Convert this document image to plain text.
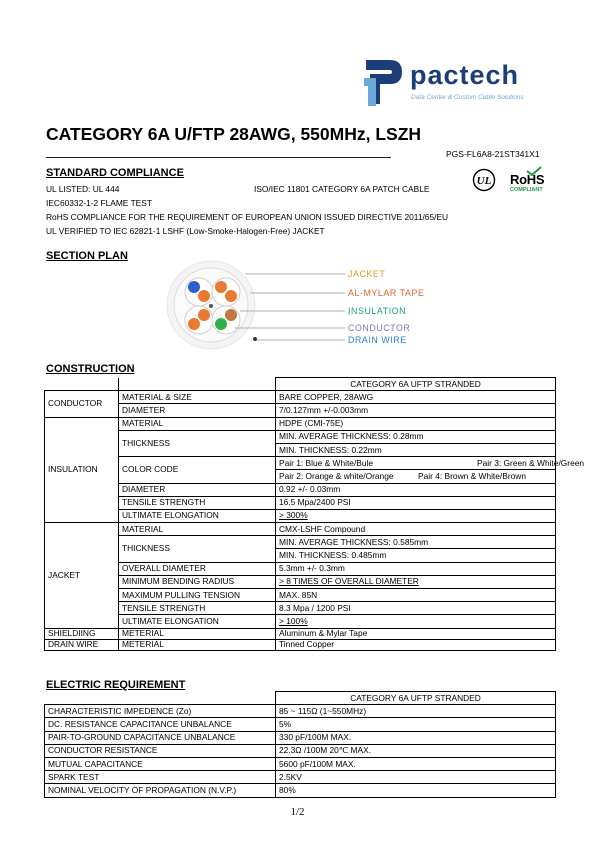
pactech
Data Center & Custom Cable Solutions
CATEGORY 6A U/FTP 28AWG, 550MHz, LSZH
PGS-FL6A8-21ST341X1
STANDARD COMPLIANCE
UL LISTED: UL 444	ISO/IEC 11801 CATEGORY 6A PATCH CABLE
IEC60332-1-2 FLAME TEST
RoHS COMPLIANCE FOR THE REQUIREMENT OF EUROPEAN UNION ISSUED DIRECTIVE 2011/65/EU
UL VERIFIED TO IEC 62821-1 LSHF (Low-Smoke-Halogen-Free) JACKET
UL RoHS
COMPLIANT
SECTION PLAN
JACKET
AL-MYLAR TAPE
INSULATION
CONDUCTOR
DRAIN WIRE
CONSTRUCTION
		CATEGORY 6A UFTP STRANDED
CONDUCTOR	MATERIAL & SIZE	BARE COPPER, 28AWG
	DIAMETER	7/0.127mm +/-0.003mm
INSULATION	MATERIAL	HDPE (CMI-75E)
	THICKNESS	MIN. AVERAGE THICKNESS: 0.28mm
		MIN. THICKNESS: 0.22mm
	COLOR CODE	Pair 1: Blue & White/Bule Pair 3: Green & White/Green

		Pair 2: Orange & white/Orange Pair 4: Brown & White/Brown

	DIAMETER	0.92 +/- 0.03mm
	TENSILE STRENGTH	16.5 Mpa/2400 PSI
	ULTIMATE ELONGATION	> 300%

JACKET	MATERIAL	CMX-LSHF Compound
	THICKNESS	MIN. AVERAGE THICKNESS: 0.585mm
		MIN. THICKNESS: 0.485mm
	OVERALL DIAMETER	5.3mm +/- 0.3mm
	MINIMUM BENDING RADIUS	> 8 TIMES OF OVERALL DIAMETER
	MAXIMUM PULLING TENSION	MAX. 85N
	TENSILE STRENGTH	8.3 Mpa / 1200 PSI
	ULTIMATE ELONGATION	> 100%
SHIELDIING	METERIAL	Aluminum & Mylar Tape
DRAIN WIRE	METERIAL	Tinned Copper
ELECTRIC REQUIREMENT
	CATEGORY 6A UFTP STRANDED
CHARACTERISTIC IMPEDENCE (Zo)	85 ~ 115Ω (1~550MHz)
DC. RESISTANCE CAPACITANCE UNBALANCE	5%
PAIR-TO-GROUND CAPACITANCE UNBALANCE	330 pF/100M MAX.
CONDUCTOR RESISTANCE	22.3Ω /100M 20℃ MAX.
MUTUAL CAPACITANCE	5600 pF/100M MAX.
SPARK TEST	2.5KV
NOMINAL VELOCITY OF PROPAGATION (N.V.P.)	80%
1/2
